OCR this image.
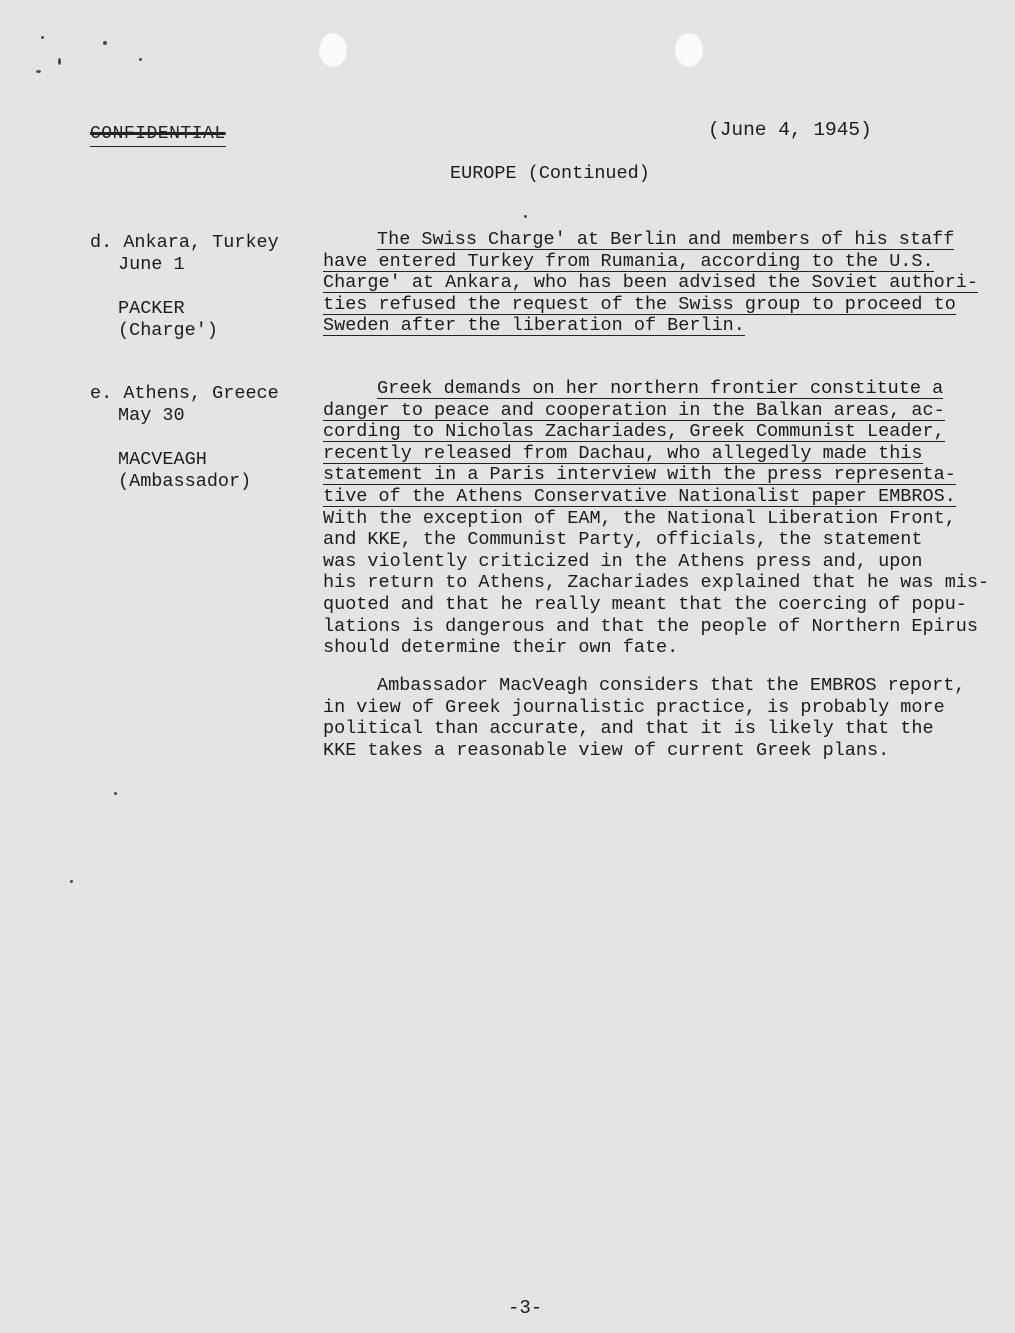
CONFIDENTIAL	(June 4, 1945)
EUROPE (Continued)
d. Ankara, Turkey
June 1
PACKER
(Charge')
The Swiss Charge' at Berlin and members of his staff
have entered Turkey from Rumania, according to the U.S.
Charge' at Ankara, who has been advised the Soviet authori-
ties refused the request of the Swiss group to proceed to
Sweden after the liberation of Berlin.
e. Athens, Greece
May 30
MACVEAGH
(Ambassador)
Greek demands on her northern frontier constitute a
danger to peace and cooperation in the Balkan areas, ac-
cording to Nicholas Zachariades, Greek Communist Leader,
recently released from Dachau, who allegedly made this
statement in a Paris interview with the press representa-
tive of the Athens Conservative Nationalist paper EMBROS.
With the exception of EAM, the National Liberation Front,
and KKE, the Communist Party, officials, the statement
was violently criticized in the Athens press and, upon
his return to Athens, Zachariades explained that he was mis-
quoted and that he really meant that the coercing of popu-
lations is dangerous and that the people of Northern Epirus
should determine their own fate.
Ambassador MacVeagh considers that the EMBROS report,
in view of Greek journalistic practice, is probably more
political than accurate, and that it is likely that the
KKE takes a reasonable view of current Greek plans.
-3-
